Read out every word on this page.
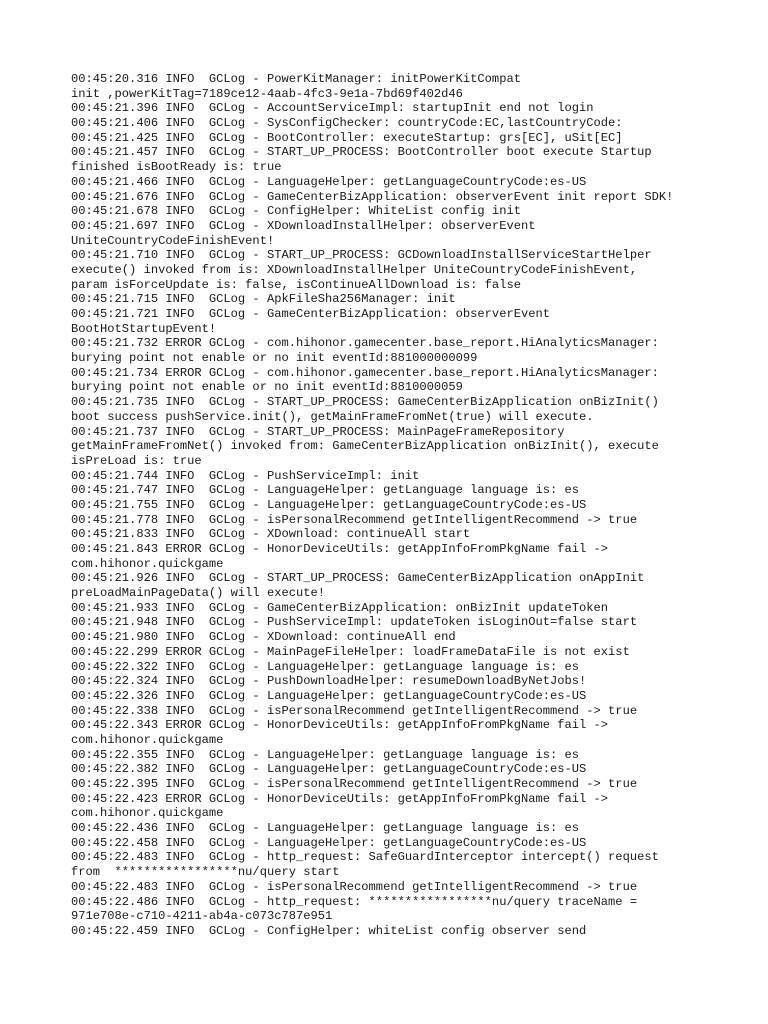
00:45:20.316 INFO  GCLog - PowerKitManager: initPowerKitCompat

init ,powerKitTag=7189ce12-4aab-4fc3-9e1a-7bd69f402d46

00:45:21.396 INFO  GCLog - AccountServiceImpl: startupInit end not login

00:45:21.406 INFO  GCLog - SysConfigChecker: countryCode:EC,lastCountryCode:

00:45:21.425 INFO  GCLog - BootController: executeStartup: grs[EC], uSit[EC]

00:45:21.457 INFO  GCLog - START_UP_PROCESS: BootController boot execute Startup

finished isBootReady is: true

00:45:21.466 INFO  GCLog - LanguageHelper: getLanguageCountryCode:es-US

00:45:21.676 INFO  GCLog - GameCenterBizApplication: observerEvent init report SDK!

00:45:21.678 INFO  GCLog - ConfigHelper: WhiteList config init

00:45:21.697 INFO  GCLog - XDownloadInstallHelper: observerEvent

UniteCountryCodeFinishEvent!

00:45:21.710 INFO  GCLog - START_UP_PROCESS: GCDownloadInstallServiceStartHelper

execute() invoked from is: XDownloadInstallHelper UniteCountryCodeFinishEvent,

param isForceUpdate is: false, isContinueAllDownload is: false

00:45:21.715 INFO  GCLog - ApkFileSha256Manager: init

00:45:21.721 INFO  GCLog - GameCenterBizApplication: observerEvent

BootHotStartupEvent!

00:45:21.732 ERROR GCLog - com.hihonor.gamecenter.base_report.HiAnalyticsManager:

burying point not enable or no init eventId:881000000099

00:45:21.734 ERROR GCLog - com.hihonor.gamecenter.base_report.HiAnalyticsManager:

burying point not enable or no init eventId:8810000059

00:45:21.735 INFO  GCLog - START_UP_PROCESS: GameCenterBizApplication onBizInit()

boot success pushService.init(), getMainFrameFromNet(true) will execute.

00:45:21.737 INFO  GCLog - START_UP_PROCESS: MainPageFrameRepository

getMainFrameFromNet() invoked from: GameCenterBizApplication onBizInit(), execute

isPreLoad is: true

00:45:21.744 INFO  GCLog - PushServiceImpl: init

00:45:21.747 INFO  GCLog - LanguageHelper: getLanguage language is: es

00:45:21.755 INFO  GCLog - LanguageHelper: getLanguageCountryCode:es-US

00:45:21.778 INFO  GCLog - isPersonalRecommend getIntelligentRecommend -> true

00:45:21.833 INFO  GCLog - XDownload: continueAll start

00:45:21.843 ERROR GCLog - HonorDeviceUtils: getAppInfoFromPkgName fail ->

com.hihonor.quickgame

00:45:21.926 INFO  GCLog - START_UP_PROCESS: GameCenterBizApplication onAppInit

preLoadMainPageData() will execute!

00:45:21.933 INFO  GCLog - GameCenterBizApplication: onBizInit updateToken

00:45:21.948 INFO  GCLog - PushServiceImpl: updateToken isLoginOut=false start

00:45:21.980 INFO  GCLog - XDownload: continueAll end

00:45:22.299 ERROR GCLog - MainPageFileHelper: loadFrameDataFile is not exist

00:45:22.322 INFO  GCLog - LanguageHelper: getLanguage language is: es

00:45:22.324 INFO  GCLog - PushDownloadHelper: resumeDownloadByNetJobs!

00:45:22.326 INFO  GCLog - LanguageHelper: getLanguageCountryCode:es-US

00:45:22.338 INFO  GCLog - isPersonalRecommend getIntelligentRecommend -> true

00:45:22.343 ERROR GCLog - HonorDeviceUtils: getAppInfoFromPkgName fail ->

com.hihonor.quickgame

00:45:22.355 INFO  GCLog - LanguageHelper: getLanguage language is: es

00:45:22.382 INFO  GCLog - LanguageHelper: getLanguageCountryCode:es-US

00:45:22.395 INFO  GCLog - isPersonalRecommend getIntelligentRecommend -> true

00:45:22.423 ERROR GCLog - HonorDeviceUtils: getAppInfoFromPkgName fail ->

com.hihonor.quickgame

00:45:22.436 INFO  GCLog - LanguageHelper: getLanguage language is: es

00:45:22.458 INFO  GCLog - LanguageHelper: getLanguageCountryCode:es-US

00:45:22.483 INFO  GCLog - http_request: SafeGuardInterceptor intercept() request

from  *****************nu/query start

00:45:22.483 INFO  GCLog - isPersonalRecommend getIntelligentRecommend -> true

00:45:22.486 INFO  GCLog - http_request: *****************nu/query traceName =

971e708e-c710-4211-ab4a-c073c787e951

00:45:22.459 INFO  GCLog - ConfigHelper: whiteList config observer send
